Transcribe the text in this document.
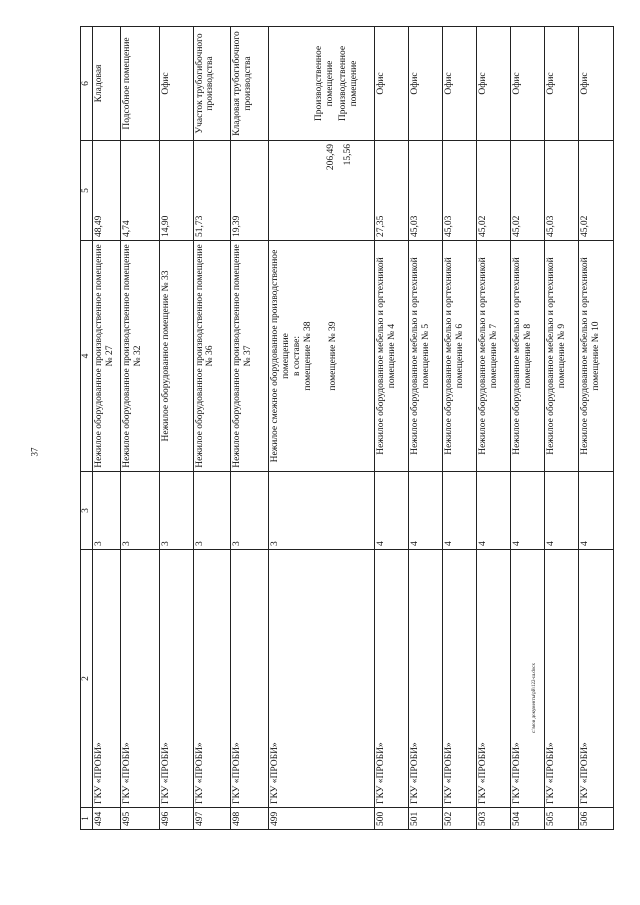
37
1	2	3	4	5	6
494	ГКУ «ПРОБИ»	3	Нежилое оборудованное производственное помещение № 27	48,49	Кладовая
495	ГКУ «ПРОБИ»	3	Нежилое оборудованное производственное помещение № 32	4,74	Подсобное помещение
496	ГКУ «ПРОБИ»	3	Нежилое оборудованное помещение № 33	14,90	Офис
497	ГКУ «ПРОБИ»	3	Нежилое оборудованное производственное помещение № 36	51,73	Участок трубогибочного производства
498	ГКУ «ПРОБИ»	3	Нежилое оборудованное производственное помещение № 37	19,39	Кладовая трубогибочного производства
499	ГКУ «ПРОБИ»	3	Нежилое смежное оборудованное производственное помещение в составе: помещение № 38 помещение № 39	206,49 15,56	Производственное помещение Производственное помещение

500	ГКУ «ПРОБИ»	4	Нежилое оборудованное мебелью и оргтехникой помещение № 4	27,35	Офис
501	ГКУ «ПРОБИ»	4	Нежилое оборудованное мебелью и оргтехникой помещение № 5	45,03	Офис
502	ГКУ «ПРОБИ»	4	Нежилое оборудованное мебелью и оргтехникой помещение № 6	45,03	Офис
503	ГКУ «ПРОБИ»	4	Нежилое оборудованное мебелью и оргтехникой помещение № 7	45,02	Офис
504	ГКУ «ПРОБИ»	4	Нежилое оборудованное мебелью и оргтехникой помещение № 8	45,02	Офис
505	ГКУ «ПРОБИ»	4	Нежилое оборудованное мебелью и оргтехникой помещение № 9	45,03	Офис
506	ГКУ «ПРОБИ»	4	Нежилое оборудованное мебелью и оргтехникой помещение № 10	45,02	Офис
c:\мои документы\рй\122-ш.docx
